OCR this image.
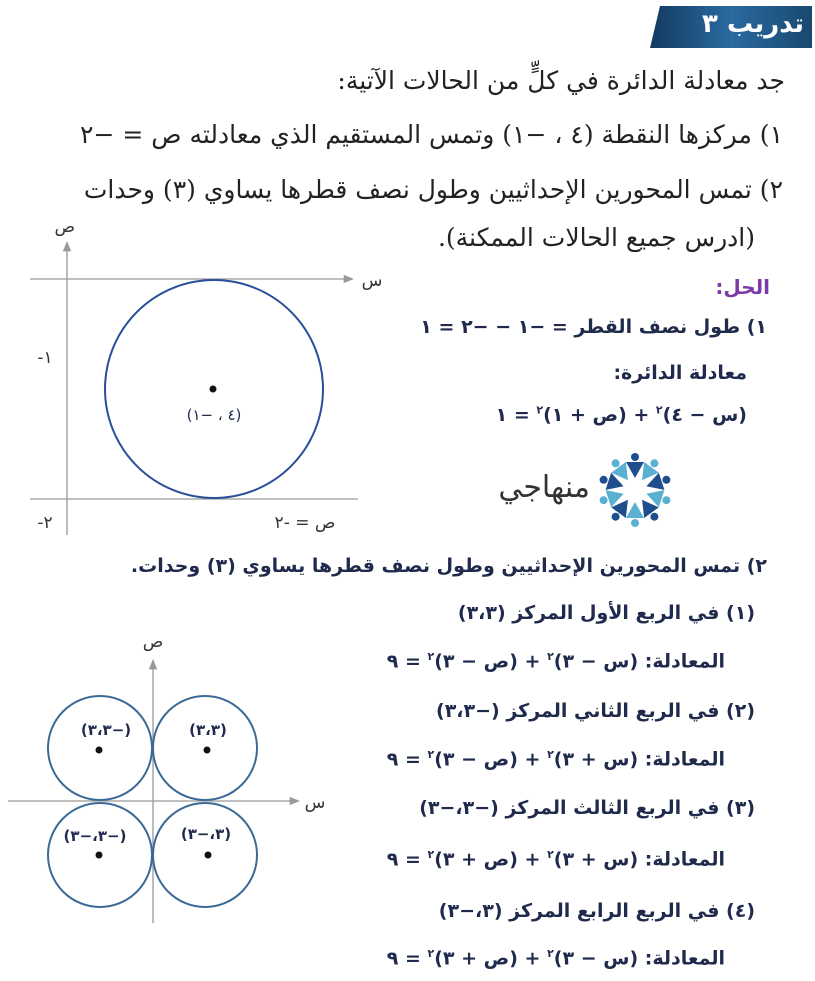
تدريب ٣
جد معادلة الدائرة في كلٍّ من الحالات الآتية:
١) مركزها النقطة (٤ ، −١) وتمس المستقيم الذي معادلته ص = −٢
٢) تمس المحورين الإحداثيين وطول نصف قطرها يساوي (٣) وحدات
(ادرس جميع الحالات الممكنة).
الحل:
١) طول نصف القطر = −١ − −٢ = ١
معادلة الدائرة:
(س − ٤)$^٢$ + (ص + ١)$^٢$ = ١
منهاجي
(٤ ، −١)
ص
س
١-
٢-	ص = -٢
٢) تمس المحورين الإحداثيين وطول نصف قطرها يساوي (٣) وحدات.
(١) في الربع الأول المركز (٣،٣)
المعادلة: (س − ٣)$^٢$ + (ص − ٣)$^٢$ = ٩
(٢) في الربع الثاني المركز (−٣،٣)
المعادلة: (س + ٣)$^٢$ + (ص − ٣)$^٢$ = ٩
(٣) في الربع الثالث المركز (−٣،−٣)
المعادلة: (س + ٣)$^٢$ + (ص + ٣)$^٢$ = ٩
(٤) في الربع الرابع المركز (٣،−٣)
المعادلة: (س − ٣)$^٢$ + (ص + ٣)$^٢$ = ٩
(٣،٣)
(−٣،٣)
(−٣،−٣)	(٣،−٣)
ص
س
